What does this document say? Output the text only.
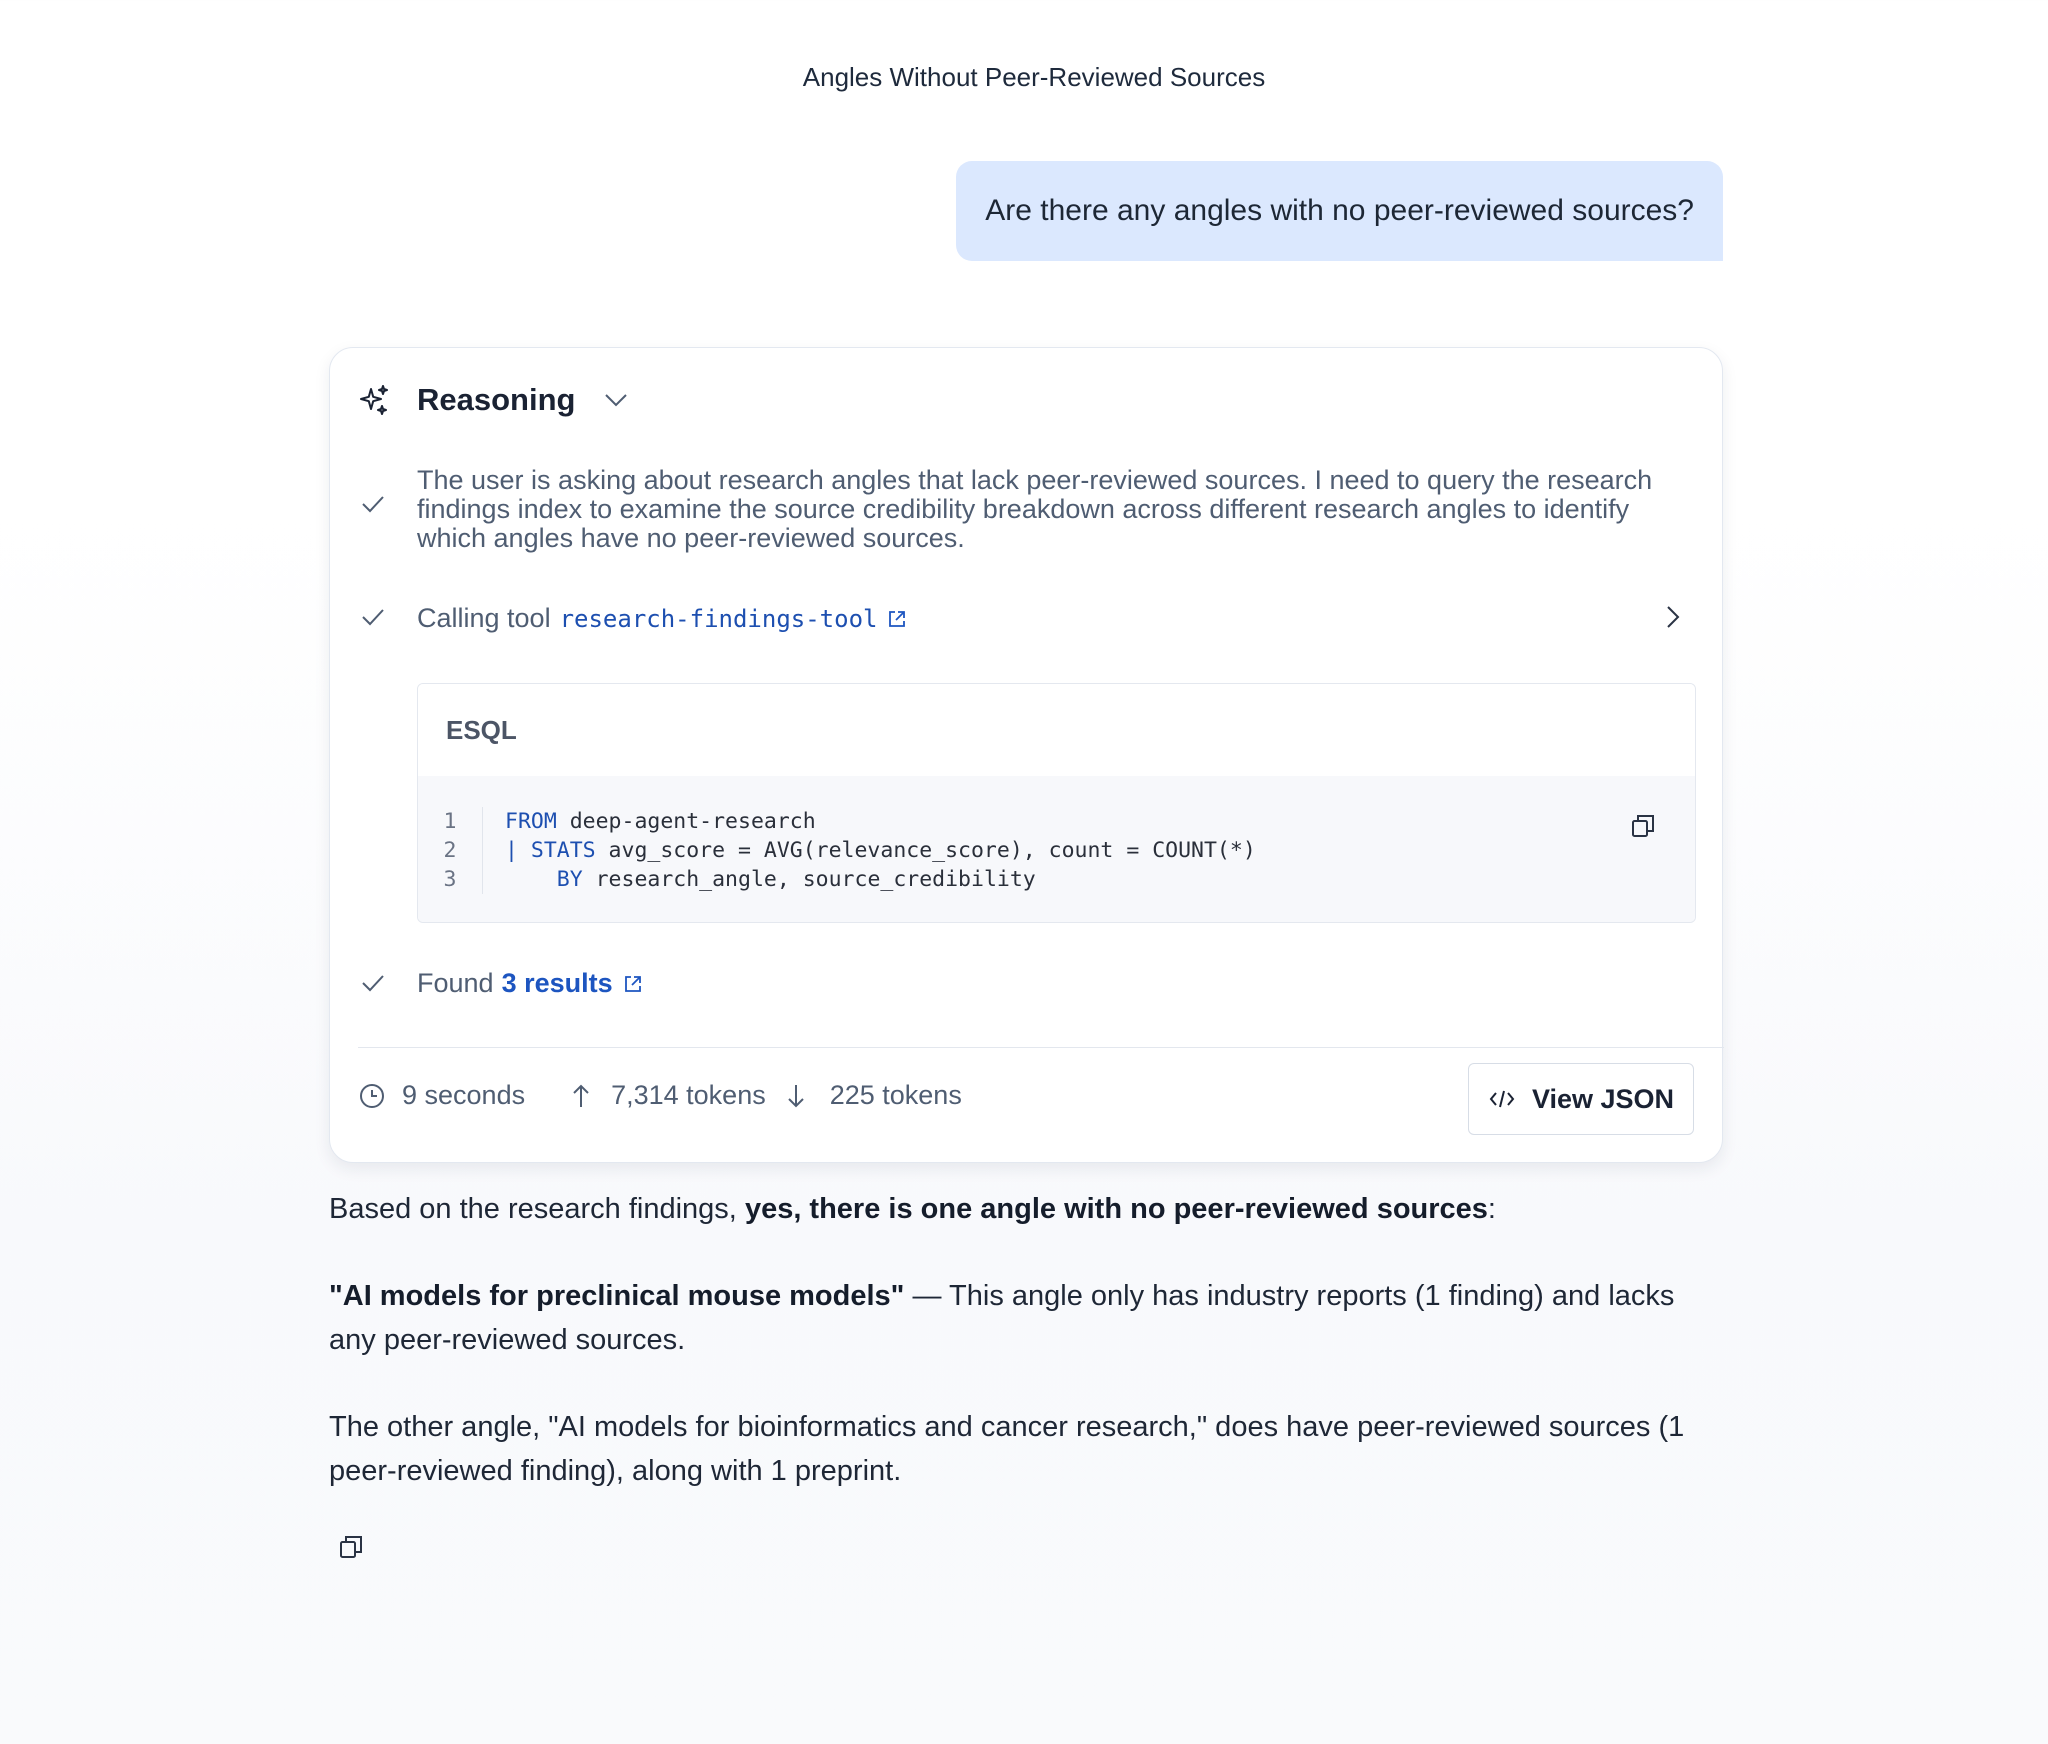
Angles Without Peer-Reviewed Sources
Are there any angles with no peer-reviewed sources?
Reasoning
The user is asking about research angles that lack peer-reviewed sources. I need to query the research findings index to examine the source credibility breakdown across different research angles to identify which angles have no peer-reviewed sources.
Calling tool research-findings-tool
ESQL
1	FROM deep-agent-research
2	| STATS avg_score = AVG(relevance_score), count = COUNT(*)
3	BY research_angle, source_credibility
Found 3 results
9 seconds	7,314 tokens 225 tokens	View JSON

Based on the research findings, yes, there is one angle with no peer-reviewed sources:

"AI models for preclinical mouse models" — This angle only has industry reports (1 finding) and lacks any peer-reviewed sources.

The other angle, "AI models for bioinformatics and cancer research," does have peer-reviewed sources (1 peer-reviewed finding), along with 1 preprint.
